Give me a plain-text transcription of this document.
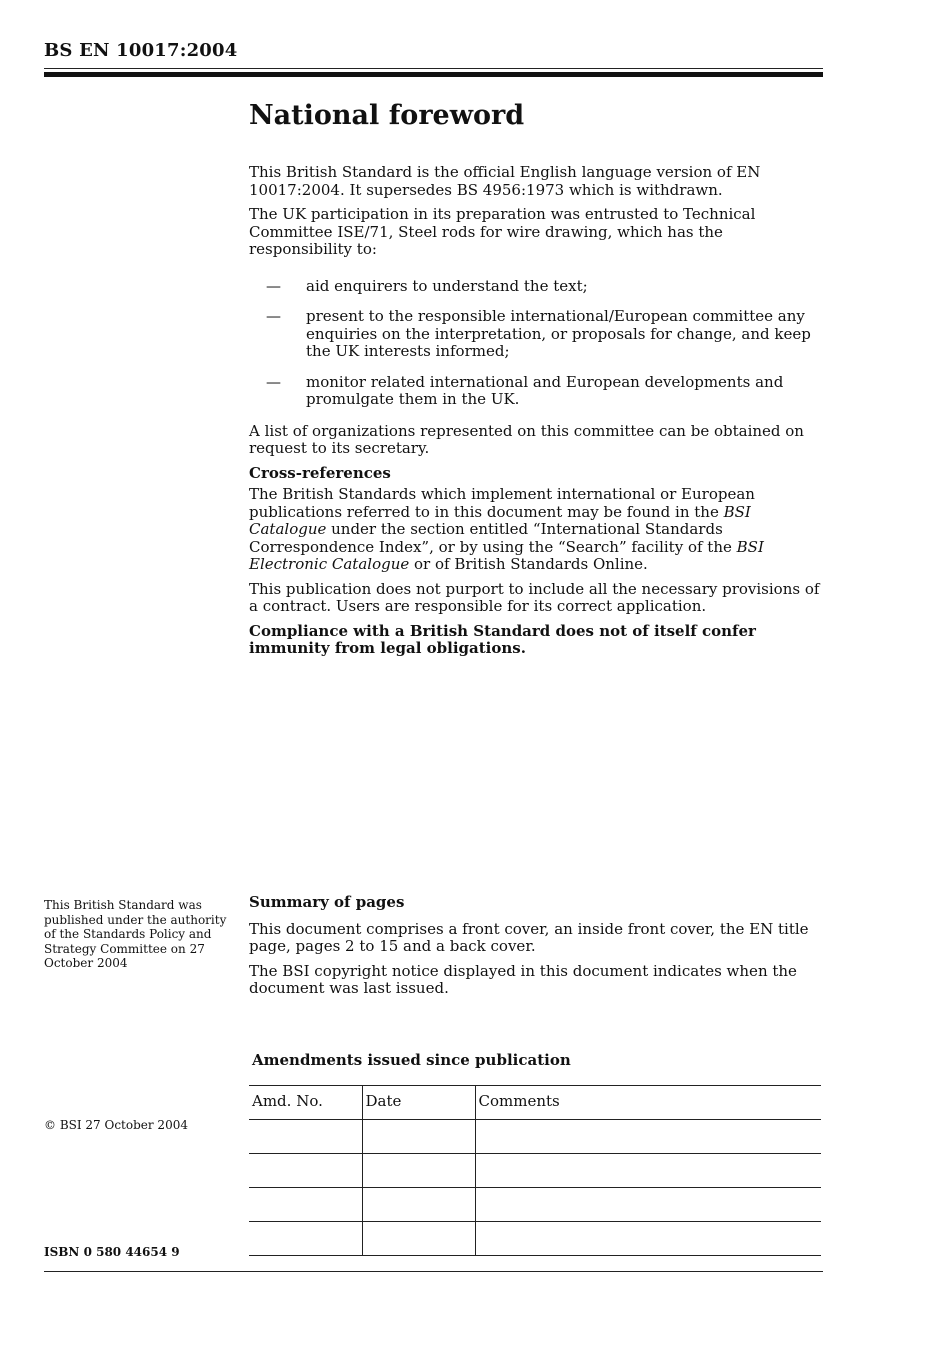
BS EN 10017:2004
National foreword

This British Standard is the official English language version of EN 10017:2004. It supersedes BS 4956:1973 which is withdrawn.

The UK participation in its preparation was entrusted to Technical Committee ISE/71, Steel rods for wire drawing, which has the responsibility to:

—	aid enquirers to understand the text;
—	present to the responsible international/European committee any enquiries on the interpretation, or proposals for change, and keep the UK interests informed;
—	monitor related international and European developments and promulgate them in the UK.

A list of organizations represented on this committee can be obtained on request to its secretary.

Cross-references

The British Standards which implement international or European publications referred to in this document may be found in the BSI Catalogue under the section entitled “International Standards Correspondence Index”, or by using the “Search” facility of the BSI Electronic Catalogue or of British Standards Online.

This publication does not purport to include all the necessary provisions of a contract. Users are responsible for its correct application.

Compliance with a British Standard does not of itself confer immunity from legal obligations.

This British Standard was published under the authority of the Standards Policy and Strategy Committee on 27 October 2004
© BSI 27 October 2004
ISBN 0 580 44654 9

Summary of pages

This document comprises a front cover, an inside front cover, the EN title page, pages 2 to 15 and a back cover.

The BSI copyright notice displayed in this document indicates when the document was last issued.

Amendments issued since publication
Amd. No.	Date	Comments
